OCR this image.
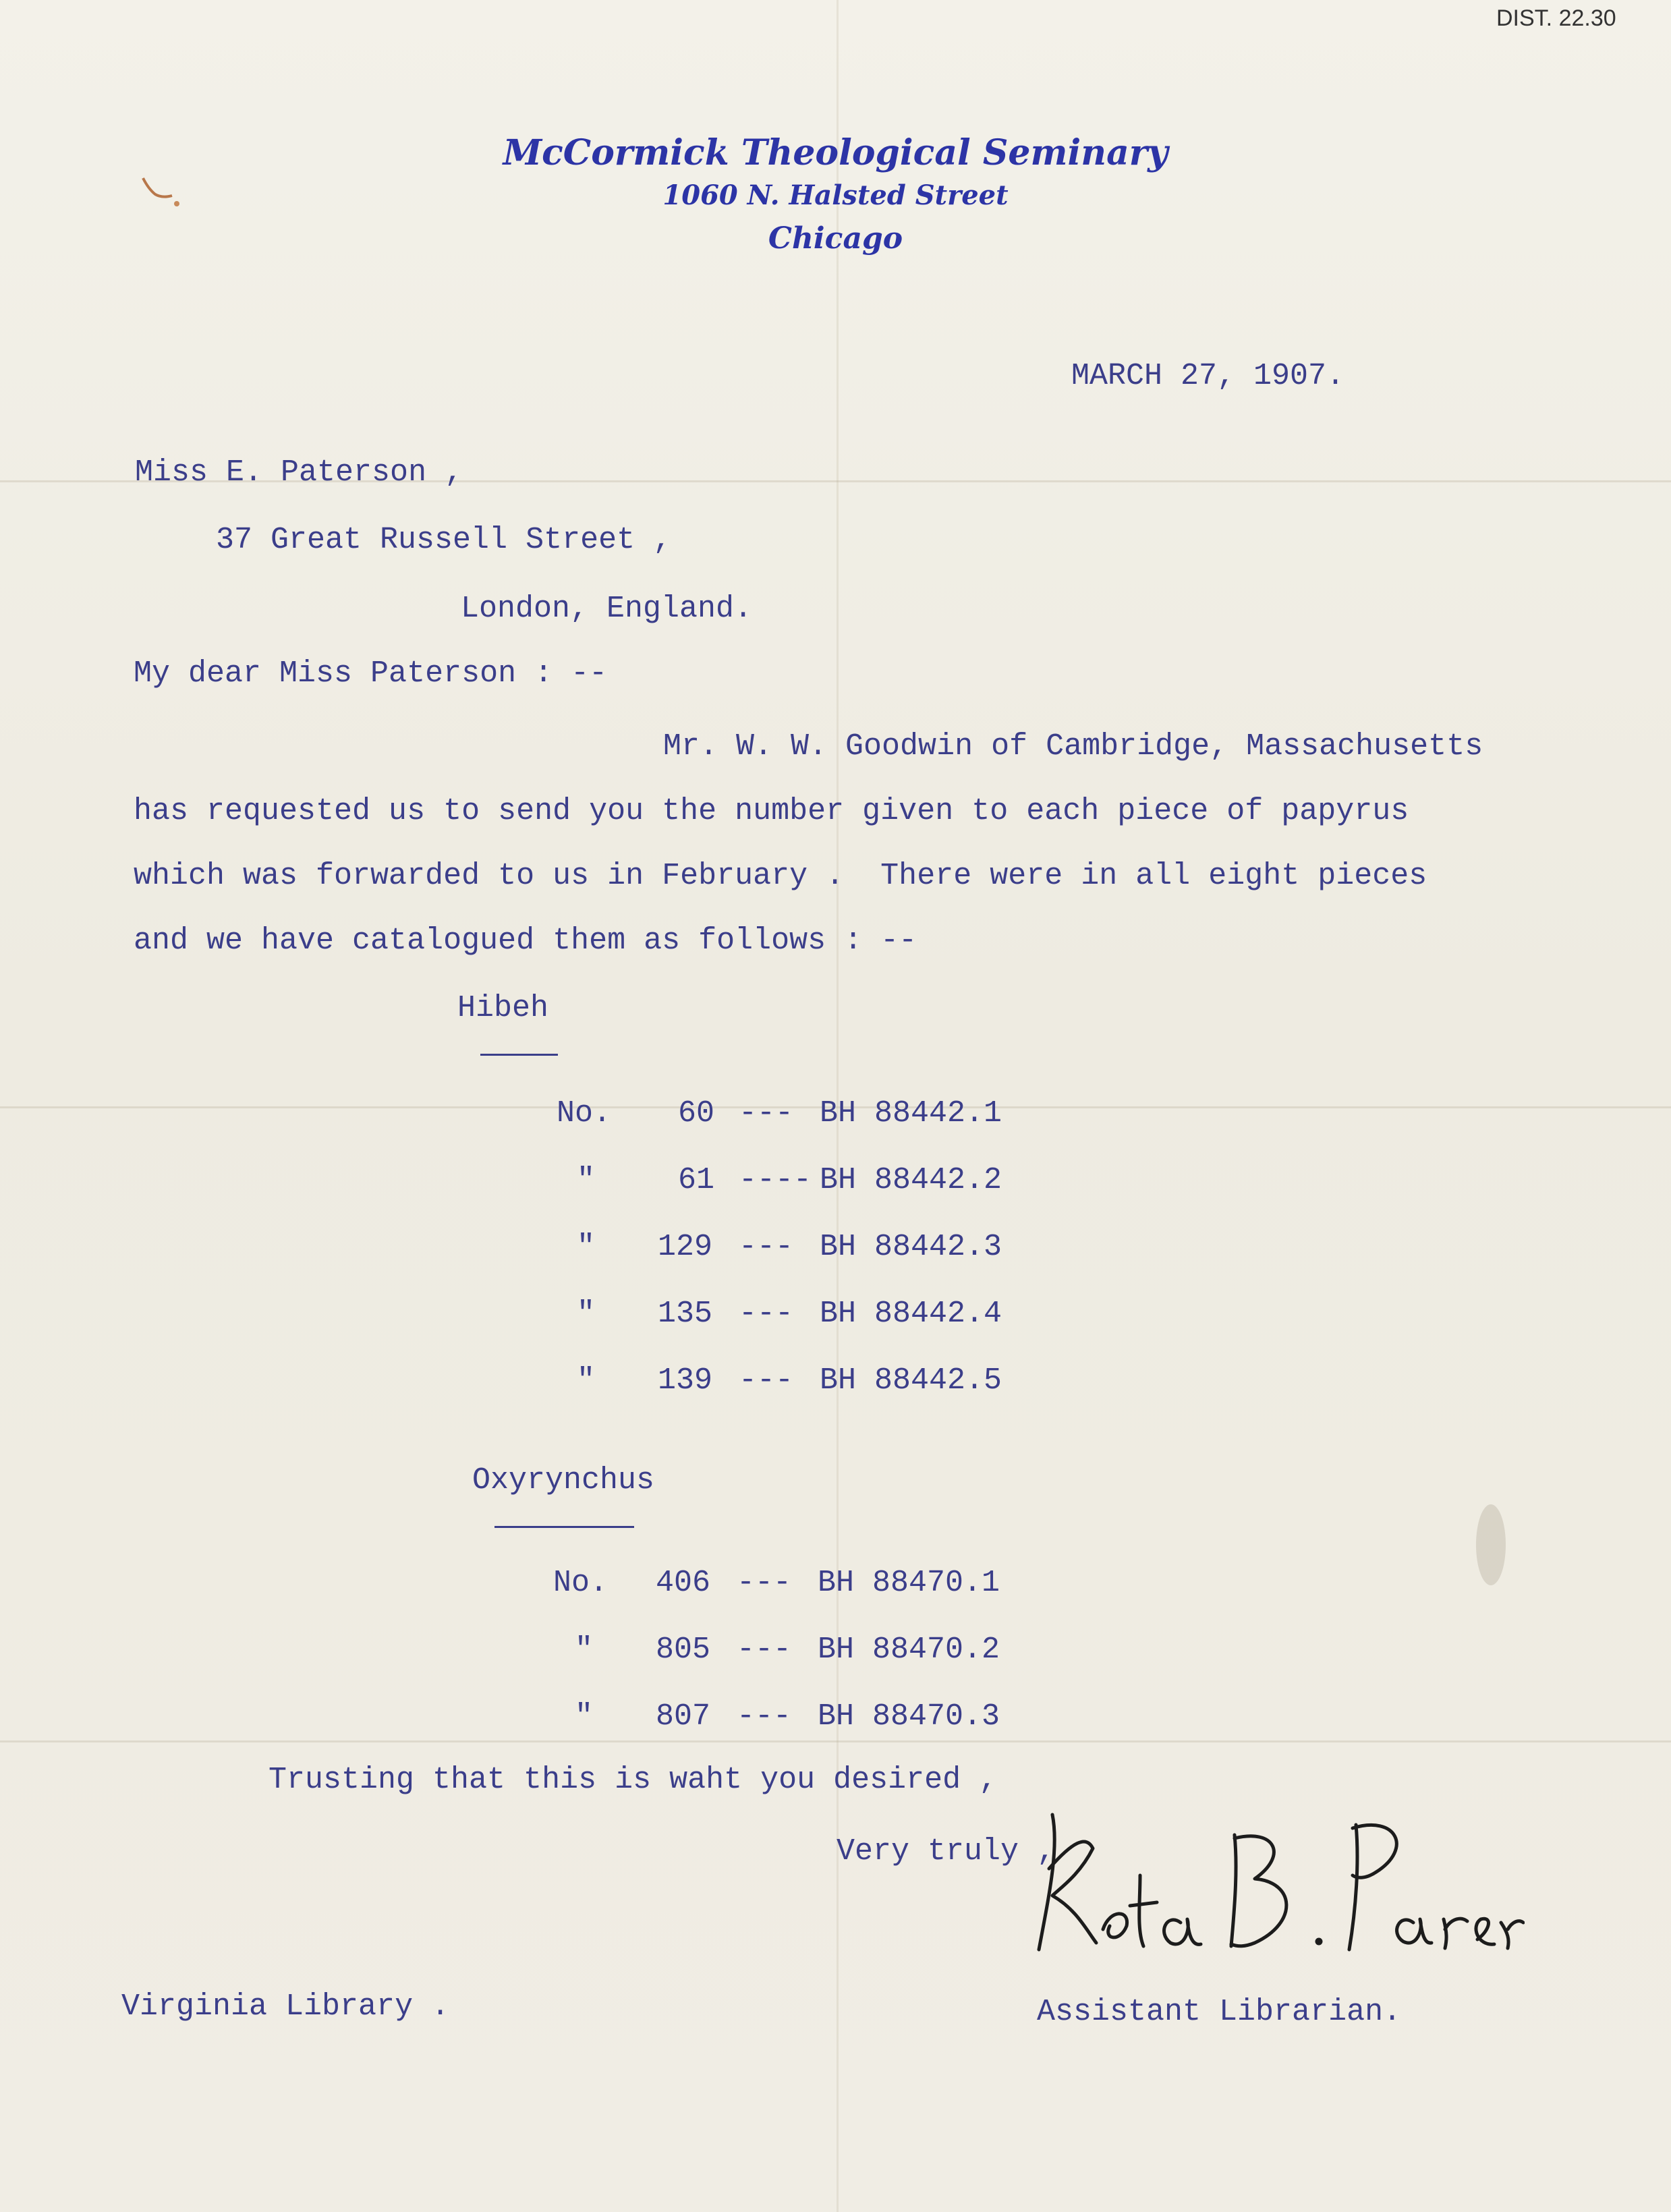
DIST. 22.30
McCormick Theological Seminary
1060 N. Halsted Street
Chicago
MARCH 27, 1907.
Miss E. Paterson ,
37 Great Russell Street ,
London, England.
My dear Miss Paterson : --
Mr. W. W. Goodwin of Cambridge, Massachusetts
has requested us to send you the number given to each piece of papyrus
which was forwarded to us in February .  There were in all eight pieces
and we have catalogued them as follows : --
Hibeh
No. 60 --- BH 88442.1
"	61 ---- BH 88442.2
" 129 --- BH 88442.3
" 135 --- BH 88442.4
" 139 --- BH 88442.5
Oxyrynchus
No. 406 --- BH 88470.1
" 805 --- BH 88470.2
" 807 --- BH 88470.3
Trusting that this is waht you desired ,
Very truly ,
Assistant Librarian.
Virginia Library .
